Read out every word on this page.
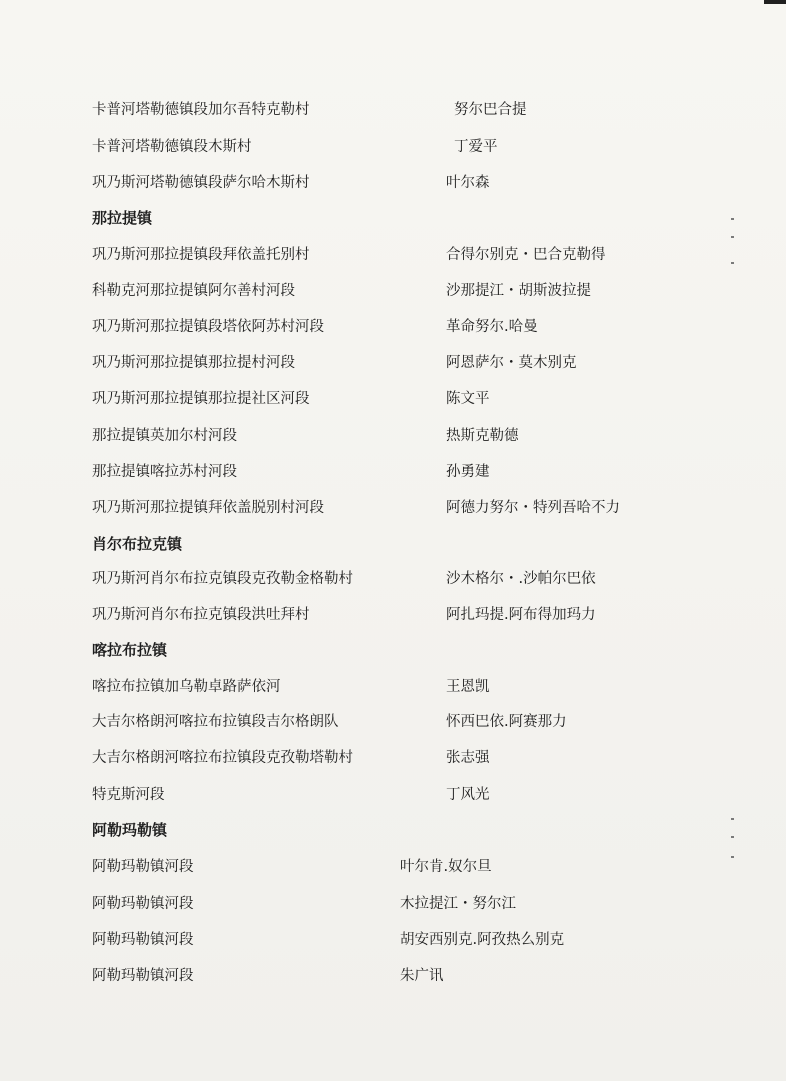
卡普河塔勒德镇段加尔吾特克勒村	努尔巴合提
卡普河塔勒德镇段木斯村	丁爱平
巩乃斯河塔勒德镇段萨尔哈木斯村	叶尔森
那拉提镇
巩乃斯河那拉提镇段拜依盖托别村	合得尔别克・巴合克勒得
科勒克河那拉提镇阿尔善村河段	沙那提江・胡斯波拉提
巩乃斯河那拉提镇段塔依阿苏村河段	革命努尔.哈曼
巩乃斯河那拉提镇那拉提村河段	阿恩萨尔・莫木别克
巩乃斯河那拉提镇那拉提社区河段	陈文平
那拉提镇英加尔村河段	热斯克勒德
那拉提镇喀拉苏村河段	孙勇建
巩乃斯河那拉提镇拜依盖脱别村河段	阿德力努尔・特列吾哈不力
肖尔布拉克镇
巩乃斯河肖尔布拉克镇段克孜勒金格勒村	沙木格尔・.沙帕尔巴依
巩乃斯河肖尔布拉克镇段洪吐拜村	阿扎玛提.阿布得加玛力
喀拉布拉镇
喀拉布拉镇加乌勒卓路萨依河	王恩凯
大吉尔格朗河喀拉布拉镇段吉尔格朗队	怀西巴依.阿赛那力
大吉尔格朗河喀拉布拉镇段克孜勒塔勒村	张志强
特克斯河段	丁风光
阿勒玛勒镇
阿勒玛勒镇河段	叶尔肯.奴尔旦
阿勒玛勒镇河段	木拉提江・努尔江
阿勒玛勒镇河段	胡安西别克.阿孜热么别克
阿勒玛勒镇河段	朱广讯
